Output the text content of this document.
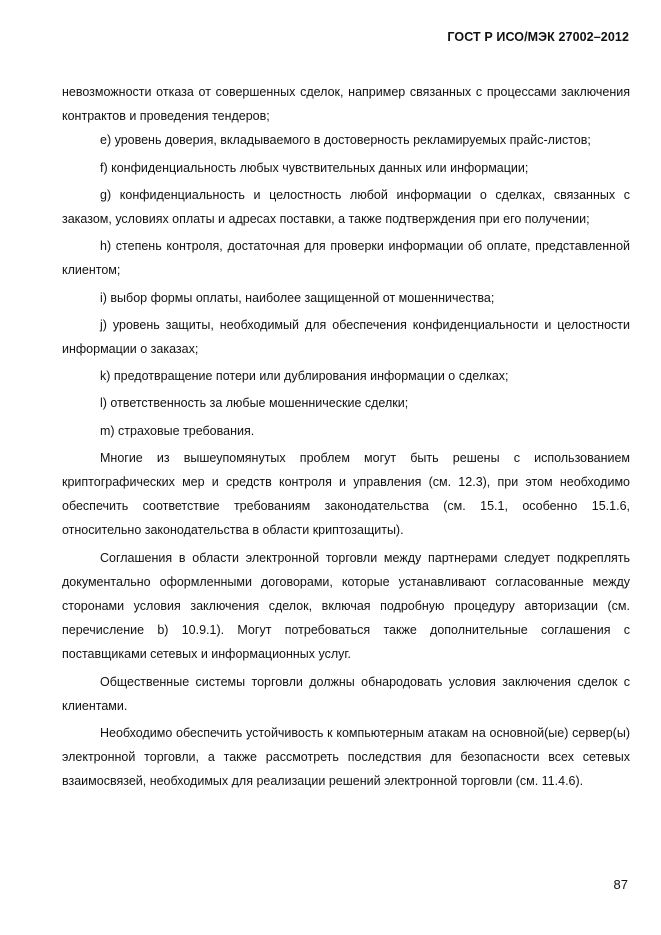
ГОСТ Р ИСО/МЭК 27002–2012

невозможности отказа от совершенных сделок, например связанных с процессами заключения контрактов и проведения тендеров;

e) уровень доверия, вкладываемого в достоверность рекламируемых прайс-листов;

f) конфиденциальность любых чувствительных данных или информации;

g) конфиденциальность и целостность любой информации о сделках, связанных с заказом, условиях оплаты и адресах поставки, а также подтверждения при его получении;

h) степень контроля, достаточная для проверки информации об оплате, представленной клиентом;

i) выбор формы оплаты, наиболее защищенной от мошенничества;

j) уровень защиты, необходимый для обеспечения конфиденциальности и целостности информации о заказах;

k) предотвращение потери или дублирования информации о сделках;

l) ответственность за любые мошеннические сделки;

m) страховые требования.

Многие из вышеупомянутых проблем могут быть решены с использованием криптографических мер и средств контроля и управления (см. 12.3), при этом необходимо обеспечить соответствие требованиям законодательства (см. 15.1, особенно 15.1.6, относительно законодательства в области криптозащиты).

Соглашения в области электронной торговли между партнерами следует подкреплять документально оформленными договорами, которые устанавливают согласованные между сторонами условия заключения сделок, включая подробную процедуру авторизации (см. перечисление b) 10.9.1). Могут потребоваться также дополнительные соглашения с поставщиками сетевых и информационных услуг.

Общественные системы торговли должны обнародовать условия заключения сделок с клиентами.

Необходимо обеспечить устойчивость к компьютерным атакам на основной(ые) сервер(ы) электронной торговли, а также рассмотреть последствия для безопасности всех сетевых взаимосвязей, необходимых для реализации решений электронной торговли (см. 11.4.6).

87
